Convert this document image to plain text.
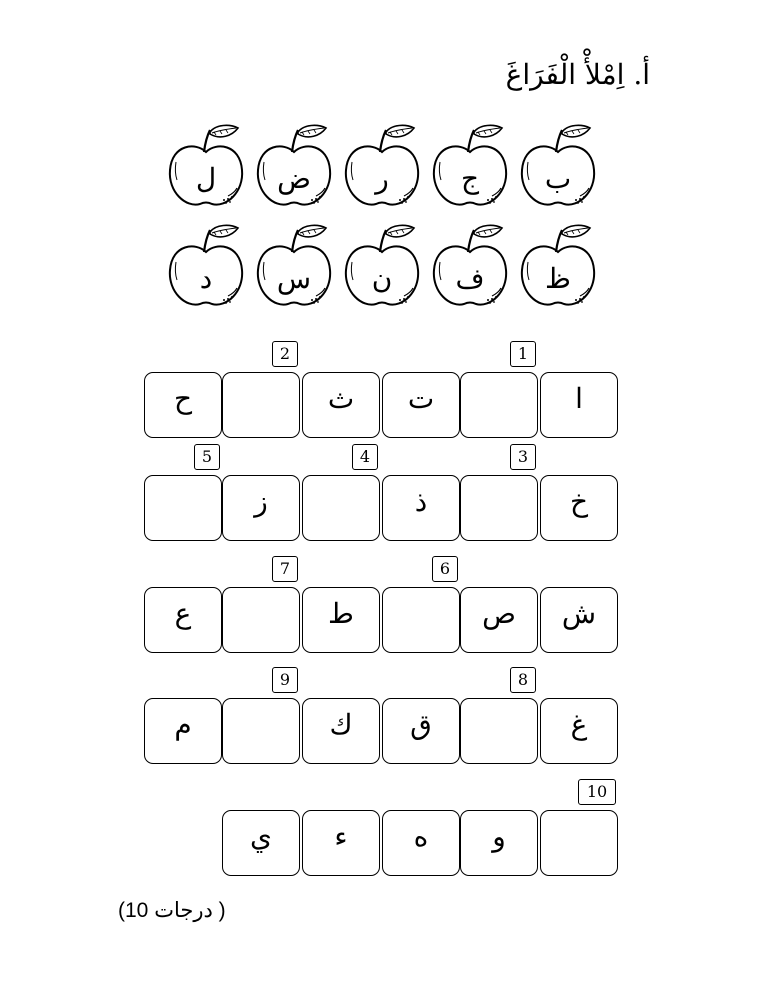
أ. اِمْلأْ الْفَرَاغَ
ب
ج
ر
ض
ل
ظ
ف
ن
س
د
ا
ت
ث
ح
1
2
خ
ذ
ز
3
4
5
ش
ص
ط
ع
6
7
غ
ق
ك
م
8
9
و
ه
ء
ي
10
(10 درجات )
